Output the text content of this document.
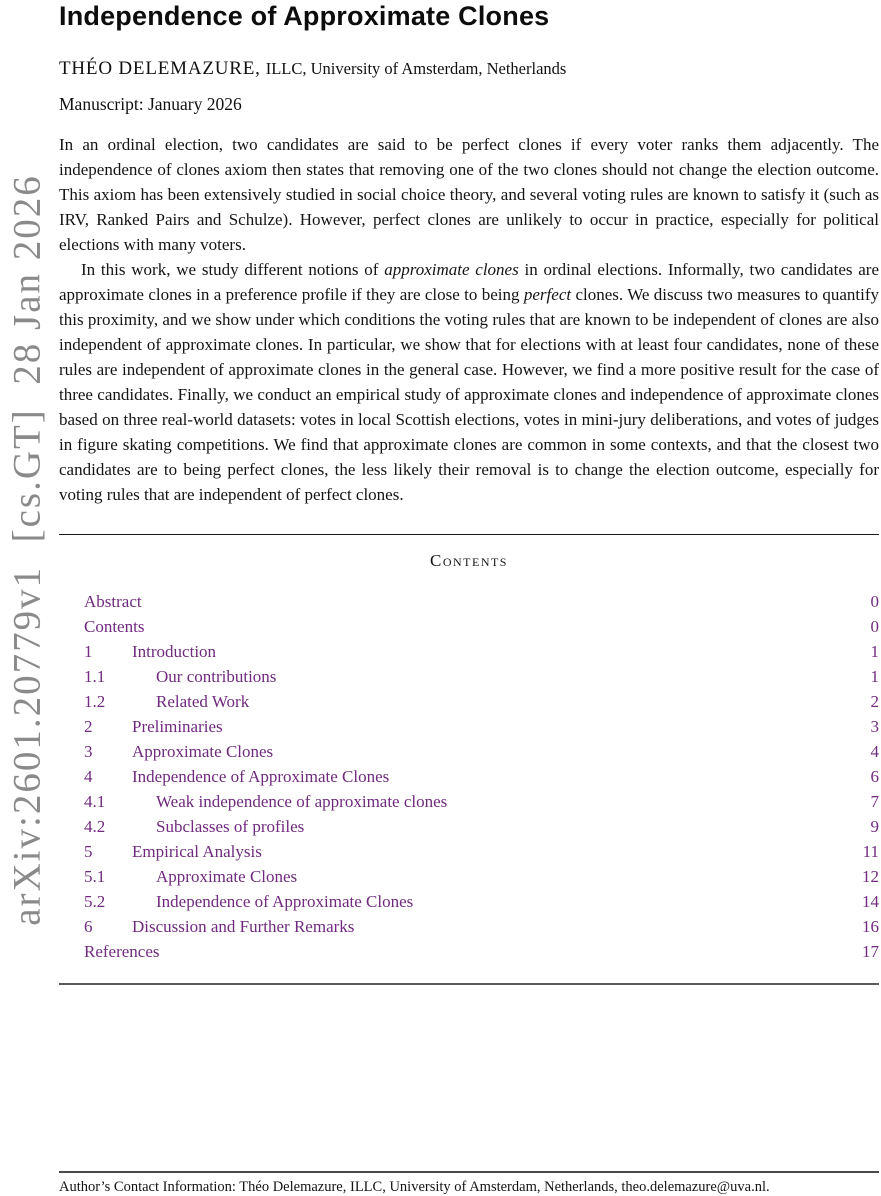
arXiv:2601.20779v1  [cs.GT]  28 Jan 2026
Independence of Approximate Clones
THÉO DELEMAZURE, ILLC, University of Amsterdam, Netherlands
Manuscript: January 2026

In an ordinal election, two candidates are said to be perfect clones if every voter ranks them adjacently. The independence of clones axiom then states that removing one of the two clones should not change the election outcome. This axiom has been extensively studied in social choice theory, and several voting rules are known to satisfy it (such as IRV, Ranked Pairs and Schulze). However, perfect clones are unlikely to occur in practice, especially for political elections with many voters.

In this work, we study different notions of approximate clones in ordinal elections. Informally, two candidates are approximate clones in a preference profile if they are close to being perfect clones. We discuss two measures to quantify this proximity, and we show under which conditions the voting rules that are known to be independent of clones are also independent of approximate clones. In particular, we show that for elections with at least four candidates, none of these rules are independent of approximate clones in the general case. However, we find a more positive result for the case of three candidates. Finally, we conduct an empirical study of approximate clones and independence of approximate clones based on three real-world datasets: votes in local Scottish elections, votes in mini-jury deliberations, and votes of judges in figure skating competitions. We find that approximate clones are common in some contexts, and that the closest two candidates are to being perfect clones, the less likely their removal is to change the election outcome, especially for voting rules that are independent of perfect clones.

Contents
Abstract	0
Contents	0
1	Introduction	1
1.1	Our contributions	1
1.2	Related Work	2
2	Preliminaries	3
3	Approximate Clones	4
4	Independence of Approximate Clones	6
4.1	Weak independence of approximate clones	7
4.2	Subclasses of profiles	9
5	Empirical Analysis	11
5.1	Approximate Clones	12
5.2	Independence of Approximate Clones	14
6	Discussion and Further Remarks	16
References	17
Author’s Contact Information: Théo Delemazure, ILLC, University of Amsterdam, Netherlands, theo.delemazure@uva.nl.
